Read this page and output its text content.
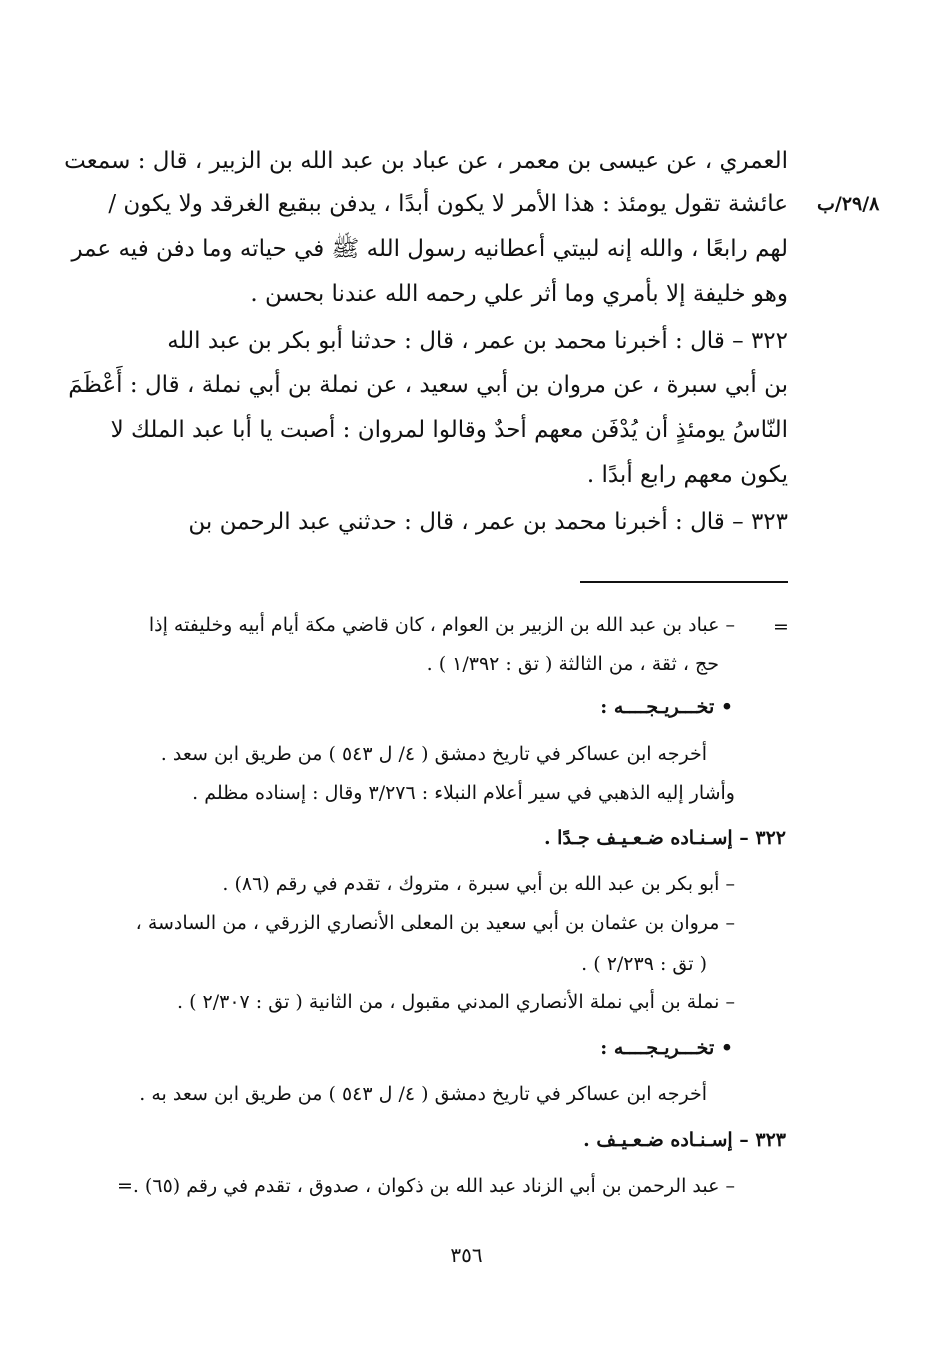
٢٩/٨/ب
العمري ، عن عيسى بن معمر ، عن عباد بن عبد الله بن الزبير ، قال : سمعت
عائشة تقول يومئذ : هذا الأمر لا يكون أبدًا ، يدفن ببقيع الغرقد ولا يكون /
لهم رابعًا ، والله إنه لبيتي أعطانيه رسول الله ﷺ في حياته وما دفن فيه عمر
وهو خليفة إلا بأمري وما أثر علي رحمه الله عندنا بحسن .
٣٢٢ – قال : أخبرنا محمد بن عمر ، قال : حدثنا أبو بكر بن عبد الله
بن أبي سبرة ، عن مروان بن أبي سعيد ، عن نملة بن أبي نملة ، قال : أَعْظَمَ
النّاسُ يومئذٍ أن يُدْفَن معهم أحدٌ وقالوا لمروان : أصبت يا أبا عبد الملك لا
يكون معهم رابع أبدًا .
٣٢٣ – قال : أخبرنا محمد بن عمر ، قال : حدثني عبد الرحمن بن
=
– عباد بن عبد الله بن الزبير بن العوام ، كان قاضي مكة أيام أبيه وخليفته إذا
حج ، ثقة ، من الثالثة ( تق : ١/٣٩٢ ) .
• تخـــريـجــــه :
أخرجه ابن عساكر في تاريخ دمشق ( ٤/ ل ٥٤٣ ) من طريق ابن سعد .
وأشار إليه الذهبي في سير أعلام النبلاء : ٣/٢٧٦ وقال : إسناده مظلم .
٣٢٢ – إسـنـاده ضـعـيـف جـدًا .
– أبو بكر بن عبد الله بن أبي سبرة ، متروك ، تقدم في رقم (٨٦) .
– مروان بن عثمان بن أبي سعيد بن المعلى الأنصاري الزرقي ، من السادسة ،
( تق : ٢/٢٣٩ ) .
– نملة بن أبي نملة الأنصاري المدني مقبول ، من الثانية ( تق : ٢/٣٠٧ ) .
• تخـــريـجــــه :
أخرجه ابن عساكر في تاريخ دمشق ( ٤/ ل ٥٤٣ ) من طريق ابن سعد به .
٣٢٣ – إسـنـاده ضـعـيـف .
– عبد الرحمن بن أبي الزناد عبد الله بن ذكوان ، صدوق ، تقدم في رقم (٦٥) .=
٣٥٦
